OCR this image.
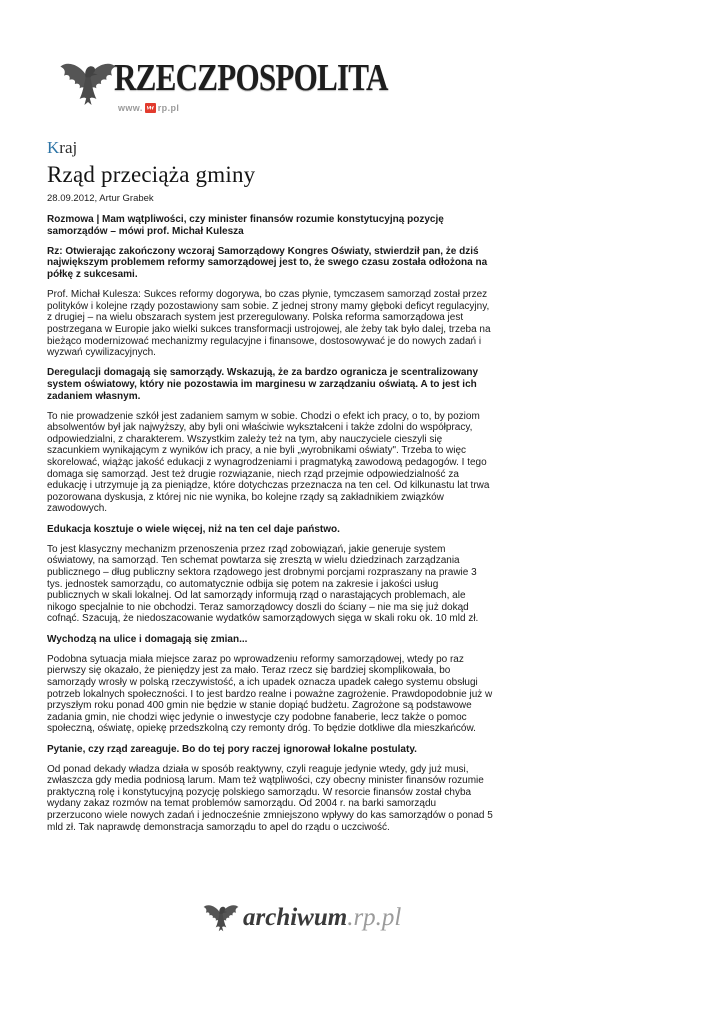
RZECZPOSPOLITA
www. rp.pl
Kraj
Rząd przeciąża gminy
28.09.2012, Artur Grabek

Rozmowa | Mam wątpliwości, czy minister finansów rozumie konstytucyjną pozycję samorządów – mówi prof. Michał Kulesza

Rz: Otwierając zakończony wczoraj Samorządowy Kongres Oświaty, stwierdził pan, że dziś największym problemem reformy samorządowej jest to, że swego czasu została odłożona na półkę z sukcesami.

Prof. Michał Kulesza: Sukces reformy dogorywa, bo czas płynie, tymczasem samorząd został przez polityków i kolejne rządy pozostawiony sam sobie. Z jednej strony mamy głęboki deficyt regulacyjny, z drugiej – na wielu obszarach system jest przeregulowany. Polska reforma samorządowa jest postrzegana w Europie jako wielki sukces transformacji ustrojowej, ale żeby tak było dalej, trzeba na bieżąco modernizować mechanizmy regulacyjne i finansowe, dostosowywać je do nowych zadań i wyzwań cywilizacyjnych.

Deregulacji domagają się samorządy. Wskazują, że za bardzo ogranicza je scentralizowany system oświatowy, który nie pozostawia im marginesu w zarządzaniu oświatą. A to jest ich zadaniem własnym.

To nie prowadzenie szkół jest zadaniem samym w sobie. Chodzi o efekt ich pracy, o to, by poziom absolwentów był jak najwyższy, aby byli oni właściwie wykształceni i także zdolni do współpracy, odpowiedzialni, z charakterem. Wszystkim zależy też na tym, aby nauczyciele cieszyli się szacunkiem wynikającym z wyników ich pracy, a nie byli „wyrobnikami oświaty". Trzeba to więc skorelować, wiążąc jakość edukacji z wynagrodzeniami i pragmatyką zawodową pedagogów. I tego domaga się samorząd. Jest też drugie rozwiązanie, niech rząd przejmie odpowiedzialność za edukację i utrzymuje ją za pieniądze, które dotychczas przeznacza na ten cel. Od kilkunastu lat trwa pozorowana dyskusja, z której nic nie wynika, bo kolejne rządy są zakładnikiem związków zawodowych.

Edukacja kosztuje o wiele więcej, niż na ten cel daje państwo.

To jest klasyczny mechanizm przenoszenia przez rząd zobowiązań, jakie generuje system oświatowy, na samorząd. Ten schemat powtarza się zresztą w wielu dziedzinach zarządzania publicznego – dług publiczny sektora rządowego jest drobnymi porcjami rozpraszany na prawie 3 tys. jednostek samorządu, co automatycznie odbija się potem na zakresie i jakości usług publicznych w skali lokalnej. Od lat samorządy informują rząd o narastających problemach, ale nikogo specjalnie to nie obchodzi. Teraz samorządowcy doszli do ściany – nie ma się już dokąd cofnąć. Szacują, że niedoszacowanie wydatków samorządowych sięga w skali roku ok. 10 mld zł.

Wychodzą na ulice i domagają się zmian...

Podobna sytuacja miała miejsce zaraz po wprowadzeniu reformy samorządowej, wtedy po raz pierwszy się okazało, że pieniędzy jest za mało. Teraz rzecz się bardziej skomplikowała, bo samorządy wrosły w polską rzeczywistość, a ich upadek oznacza upadek całego systemu obsługi potrzeb lokalnych społeczności. I to jest bardzo realne i poważne zagrożenie. Prawdopodobnie już w przyszłym roku ponad 400 gmin nie będzie w stanie dopiąć budżetu. Zagrożone są podstawowe zadania gmin, nie chodzi więc jedynie o inwestycje czy podobne fanaberie, lecz także o pomoc społeczną, oświatę, opiekę przedszkolną czy remonty dróg. To będzie dotkliwe dla mieszkańców.

Pytanie, czy rząd zareaguje. Bo do tej pory raczej ignorował lokalne postulaty.

Od ponad dekady władza działa w sposób reaktywny, czyli reaguje jedynie wtedy, gdy już musi, zwłaszcza gdy media podniosą larum. Mam też wątpliwości, czy obecny minister finansów rozumie praktyczną rolę i konstytucyjną pozycję polskiego samorządu. W resorcie finansów został chyba wydany zakaz rozmów na temat problemów samorządu. Od 2004 r. na barki samorządu przerzucono wiele nowych zadań i jednocześnie zmniejszono wpływy do kas samorządów o ponad 5 mld zł. Tak naprawdę demonstracja samorządu to apel do rządu o uczciwość.

archiwum.rp.pl
